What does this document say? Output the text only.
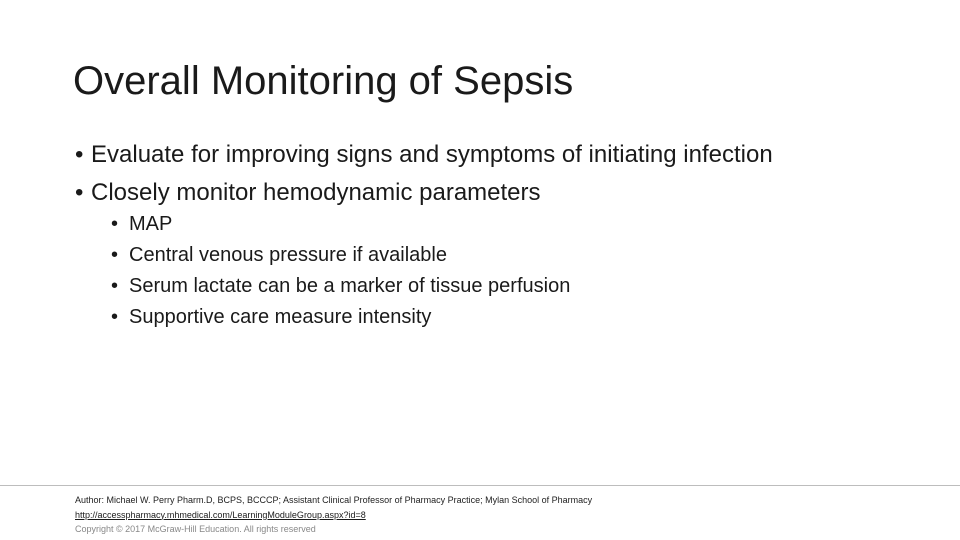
Overall Monitoring of Sepsis
• Evaluate for improving signs and symptoms of initiating infection
• Closely monitor hemodynamic parameters
• MAP
• Central venous pressure if available
• Serum lactate can be a marker of tissue perfusion
• Supportive care measure intensity
Author: Michael W. Perry Pharm.D, BCPS, BCCCP; Assistant Clinical Professor of Pharmacy Practice; Mylan School of Pharmacy
http://accesspharmacy.mhmedical.com/LearningModuleGroup.aspx?id=8
Copyright © 2017 McGraw-Hill Education. All rights reserved
